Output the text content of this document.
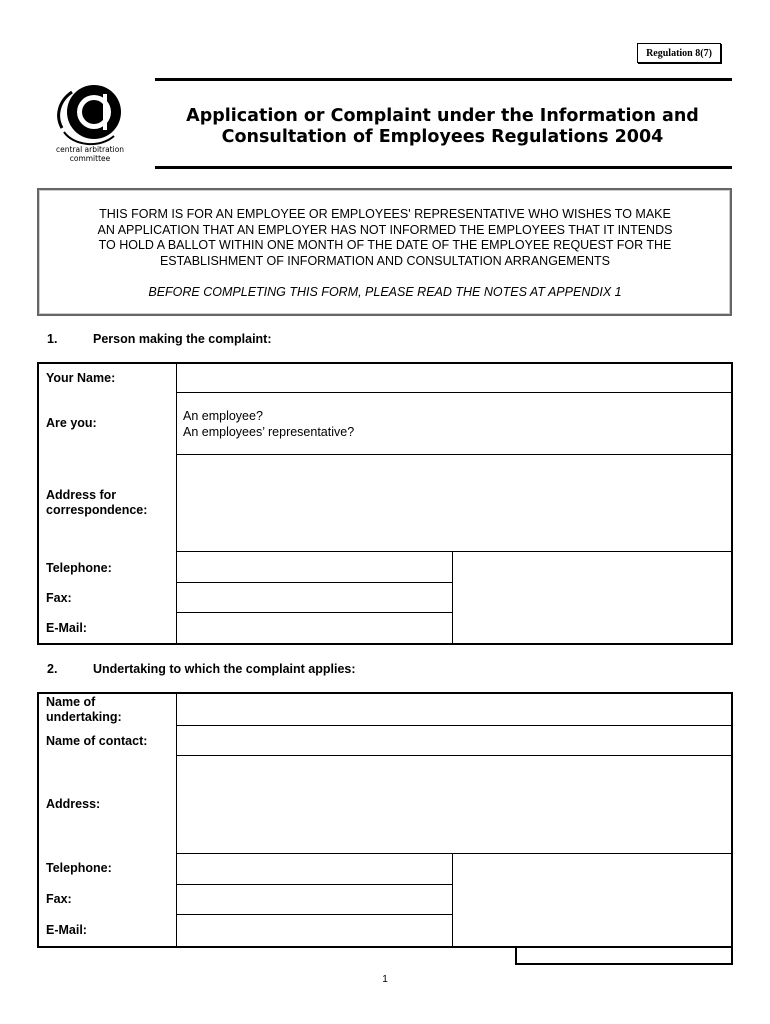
Regulation 8(7)
central arbitration
committee
Application or Complaint under the Information and
Consultation of Employees Regulations 2004
THIS FORM IS FOR AN EMPLOYEE OR EMPLOYEES' REPRESENTATIVE WHO WISHES TO MAKE
AN APPLICATION THAT AN EMPLOYER HAS NOT INFORMED THE EMPLOYEES THAT IT INTENDS
TO HOLD A BALLOT WITHIN ONE MONTH OF THE DATE OF THE EMPLOYEE REQUEST FOR THE
ESTABLISHMENT OF INFORMATION AND CONSULTATION ARRANGEMENTS
BEFORE COMPLETING THIS FORM, PLEASE READ THE NOTES AT APPENDIX 1
1.	Person making the complaint:
Your Name:
Are you:	An employee?
An employees’ representative?
Address for
correspondence:
Telephone:
Fax:
E-Mail:
2.	Undertaking to which the complaint applies:
Name of
undertaking:
Name of contact:
Address:
Telephone:
Fax:
E-Mail:
1
